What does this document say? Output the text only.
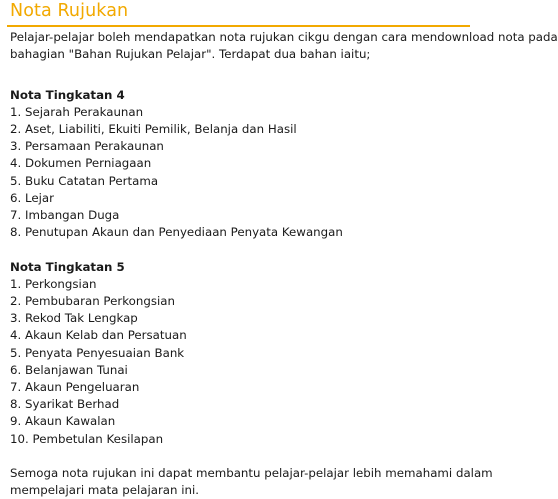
Nota Rujukan

Pelajar-pelajar boleh mendapatkan nota rujukan cikgu dengan cara mendownload nota pada
bahagian "Bahan Rujukan Pelajar". Terdapat dua bahan iaitu;

Nota Tingkatan 4

1. Sejarah Perakaunan
2. Aset, Liabiliti, Ekuiti Pemilik, Belanja dan Hasil
3. Persamaan Perakaunan
4. Dokumen Perniagaan
5. Buku Catatan Pertama
6. Lejar
7. Imbangan Duga
8. Penutupan Akaun dan Penyediaan Penyata Kewangan

Nota Tingkatan 5

1. Perkongsian
2. Pembubaran Perkongsian
3. Rekod Tak Lengkap
4. Akaun Kelab dan Persatuan
5. Penyata Penyesuaian Bank
6. Belanjawan Tunai
7. Akaun Pengeluaran
8. Syarikat Berhad
9. Akaun Kawalan
10. Pembetulan Kesilapan

Semoga nota rujukan ini dapat membantu pelajar-pelajar lebih memahami dalam
mempelajari mata pelajaran ini.
